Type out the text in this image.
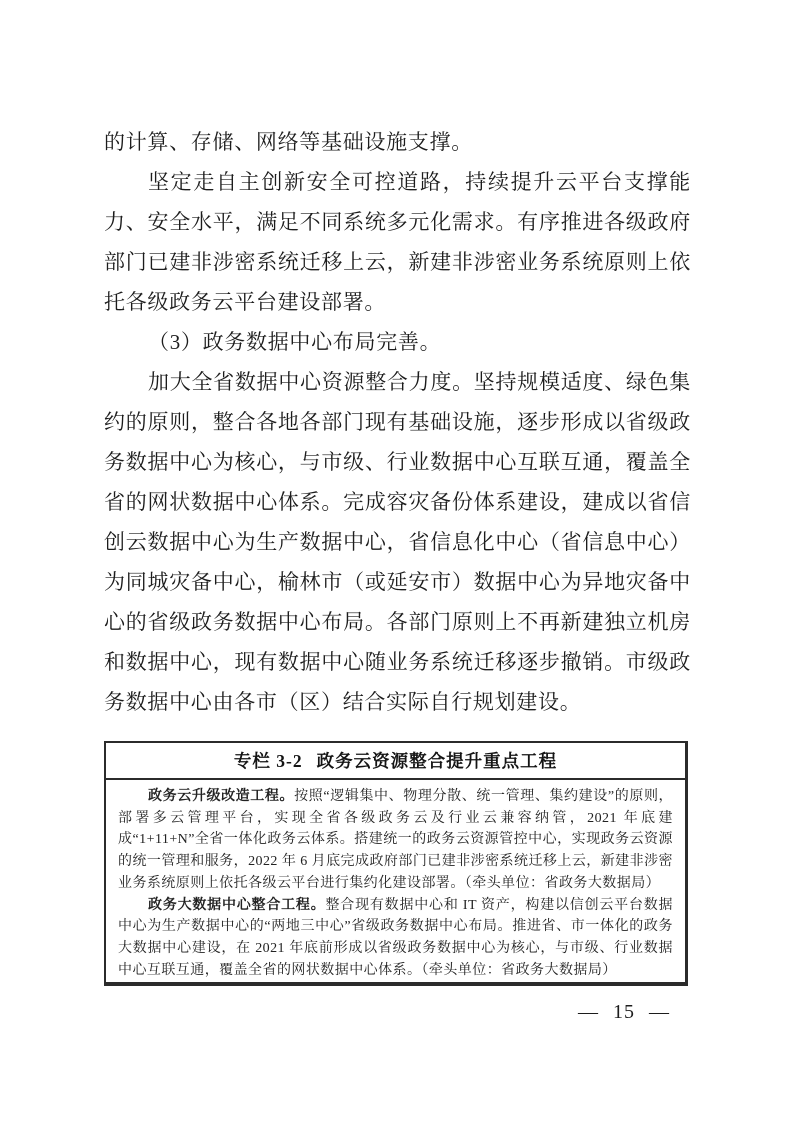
的计算、存储、网络等基础设施支撑。

坚定走自主创新安全可控道路，持续提升云平台支撑能力、安全水平，满足不同系统多元化需求。有序推进各级政府部门已建非涉密系统迁移上云，新建非涉密业务系统原则上依托各级政务云平台建设部署。

（3）政务数据中心布局完善。

加大全省数据中心资源整合力度。坚持规模适度、绿色集约的原则，整合各地各部门现有基础设施，逐步形成以省级政务数据中心为核心，与市级、行业数据中心互联互通，覆盖全省的网状数据中心体系。完成容灾备份体系建设，建成以省信创云数据中心为生产数据中心，省信息化中心（省信息中心）为同城灾备中心，榆林市（或延安市）数据中心为异地灾备中心的省级政务数据中心布局。各部门原则上不再新建独立机房和数据中心，现有数据中心随业务系统迁移逐步撤销。市级政务数据中心由各市（区）结合实际自行规划建设。

专栏 3-2 政务云资源整合提升重点工程

政务云升级改造工程。按照“逻辑集中、物理分散、统一管理、集约建设”的原则，部署多云管理平台，实现全省各级政务云及行业云兼容纳管，2021 年底建成“1+11+N”全省一体化政务云体系。搭建统一的政务云资源管控中心，实现政务云资源的统一管理和服务，2022 年 6 月底完成政府部门已建非涉密系统迁移上云，新建非涉密业务系统原则上依托各级云平台进行集约化建设部署。（牵头单位：省政务大数据局）

政务大数据中心整合工程。整合现有数据中心和 IT 资产，构建以信创云平台数据中心为生产数据中心的“两地三中心”省级政务数据中心布局。推进省、市一体化的政务大数据中心建设，在 2021 年底前形成以省级政务数据中心为核心，与市级、行业数据中心互联互通，覆盖全省的网状数据中心体系。（牵头单位：省政务大数据局）

— 15 —
